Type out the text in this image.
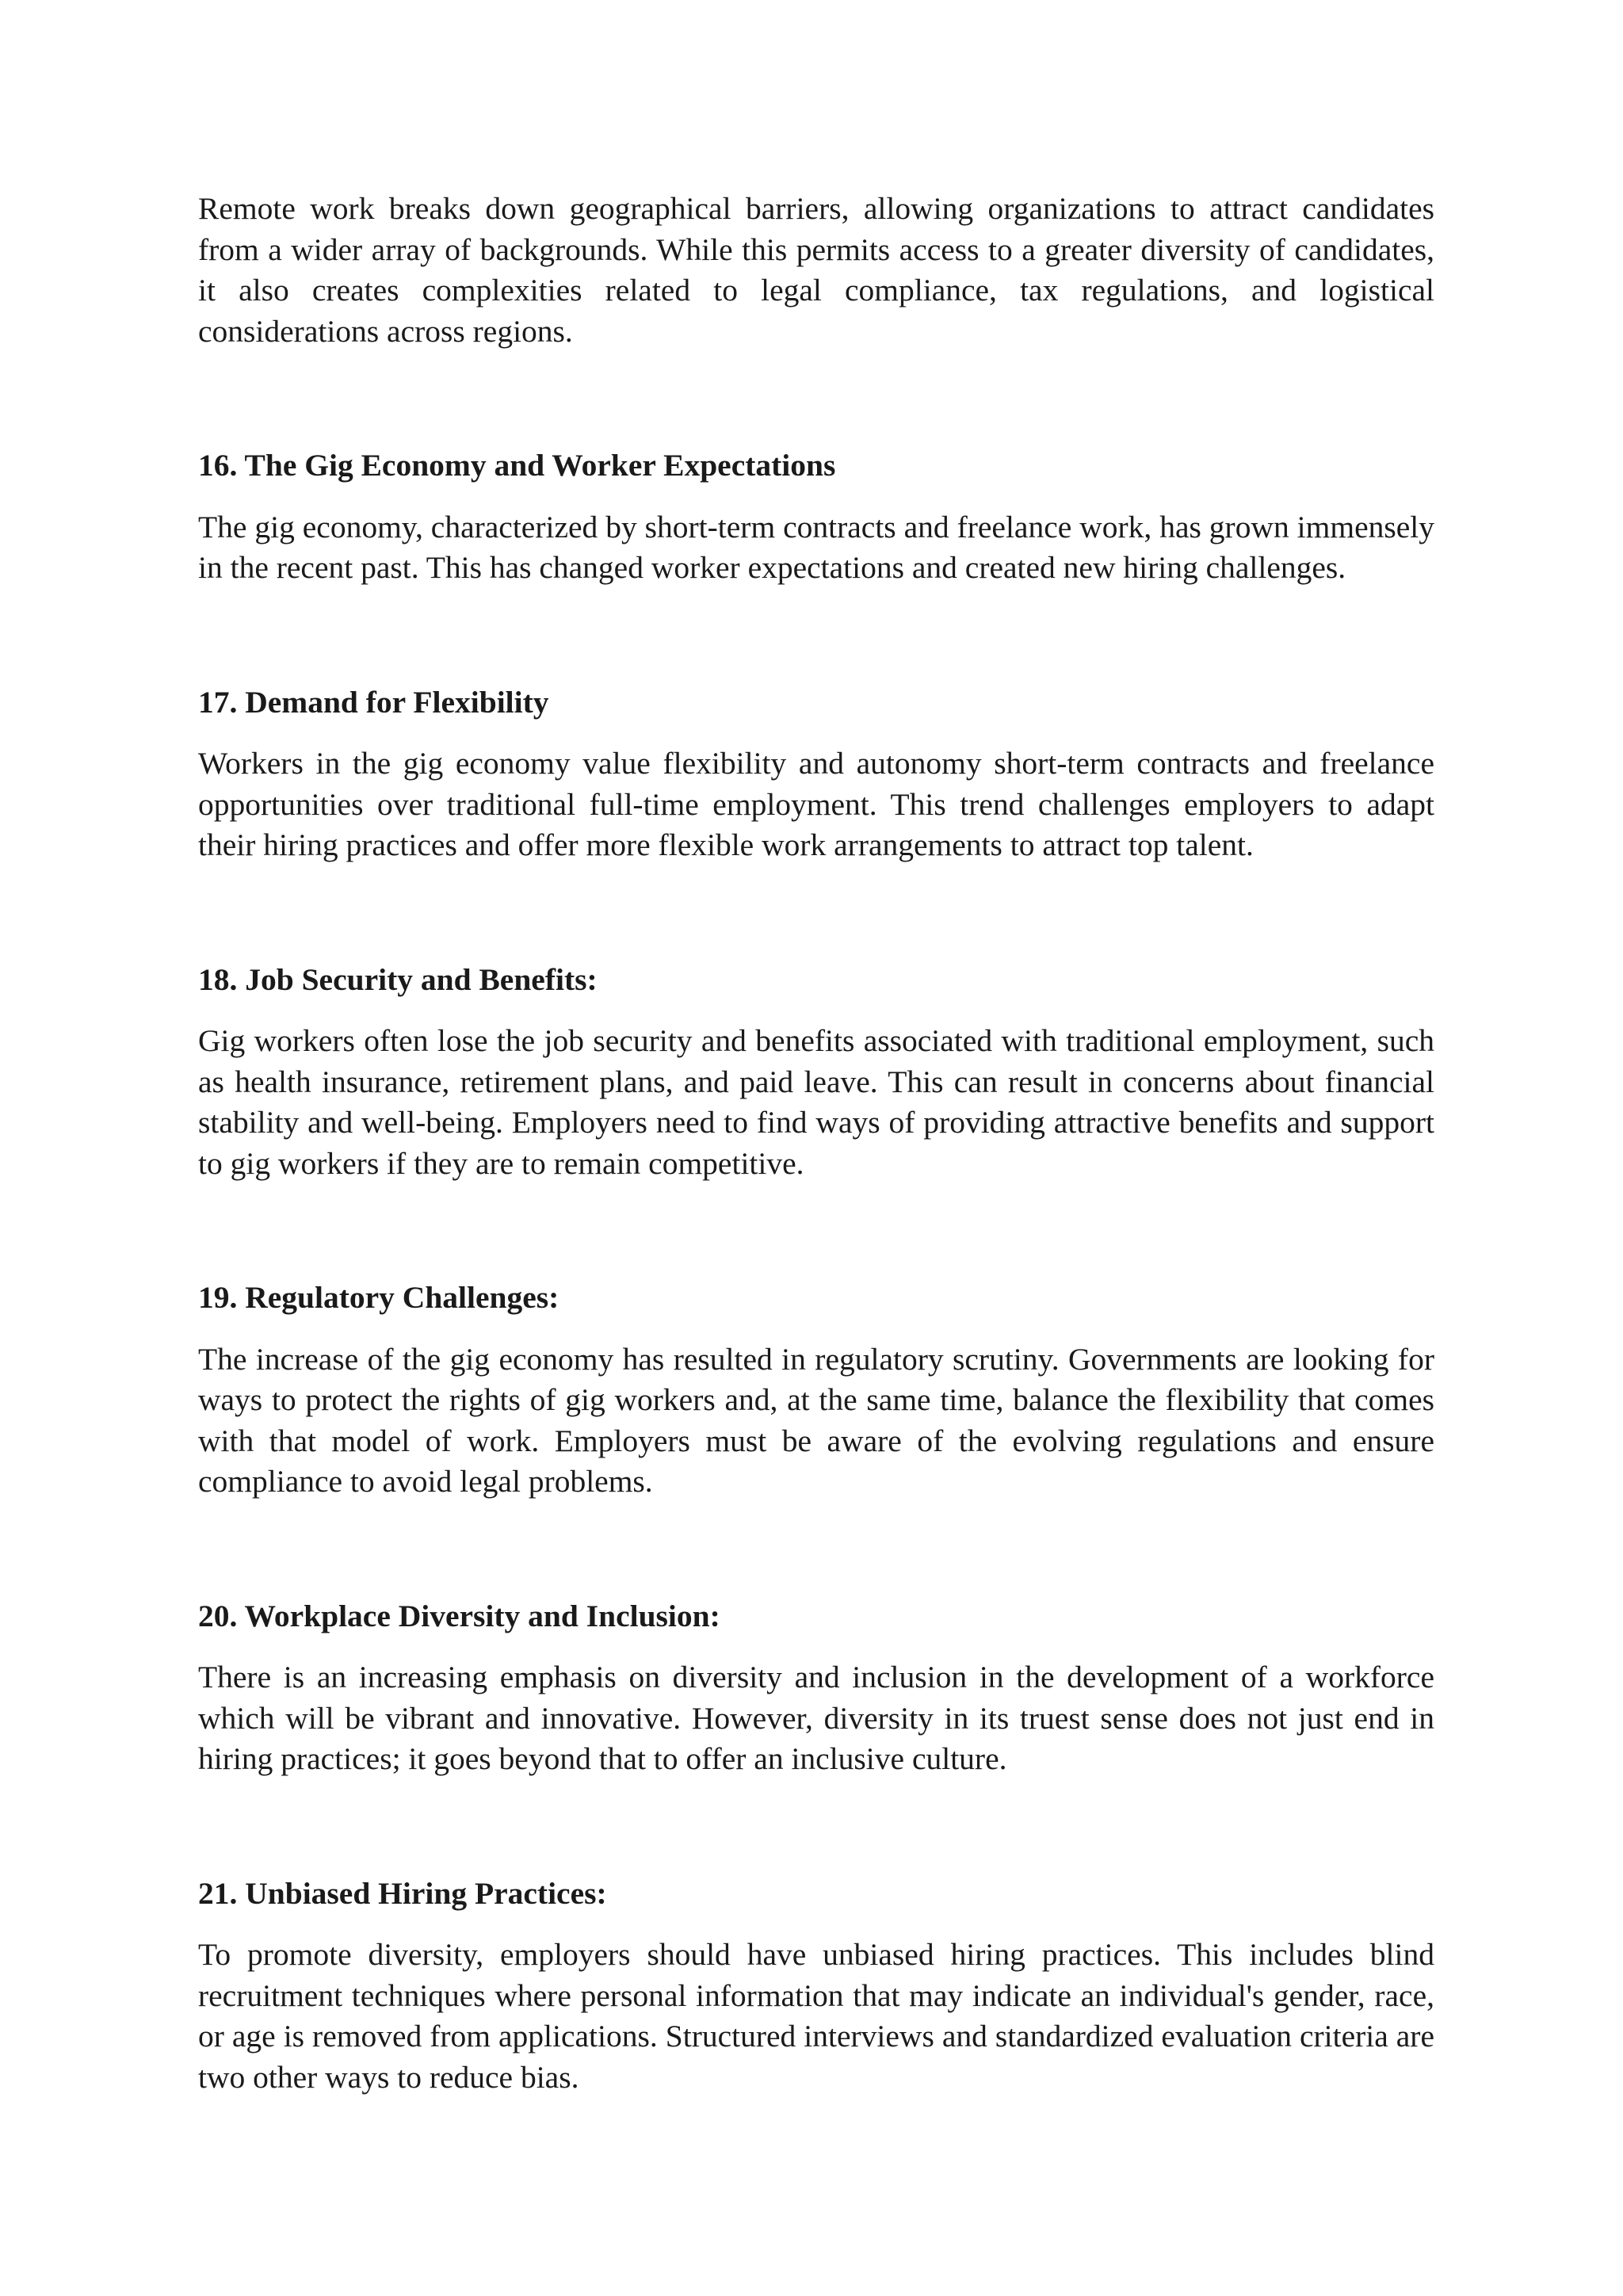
Remote work breaks down geographical barriers, allowing organizations to attract candidates from a wider array of backgrounds. While this permits access to a greater diversity of candidates, it also creates complexities related to legal compliance, tax regulations, and logistical considerations across regions.

16. The Gig Economy and Worker Expectations

The gig economy, characterized by short-term contracts and freelance work, has grown immensely in the recent past. This has changed worker expectations and created new hiring challenges.

17. Demand for Flexibility

Workers in the gig economy value flexibility and autonomy short-term contracts and freelance opportunities over traditional full-time employment. This trend challenges employers to adapt their hiring practices and offer more flexible work arrangements to attract top talent.

18. Job Security and Benefits:

Gig workers often lose the job security and benefits associated with traditional employment, such as health insurance, retirement plans, and paid leave. This can result in concerns about financial stability and well-being. Employers need to find ways of providing attractive benefits and support to gig workers if they are to remain competitive.

19. Regulatory Challenges:

The increase of the gig economy has resulted in regulatory scrutiny. Governments are looking for ways to protect the rights of gig workers and, at the same time, balance the flexibility that comes with that model of work. Employers must be aware of the evolving regulations and ensure compliance to avoid legal problems.

20. Workplace Diversity and Inclusion:

There is an increasing emphasis on diversity and inclusion in the development of a workforce which will be vibrant and innovative. However, diversity in its truest sense does not just end in hiring practices; it goes beyond that to offer an inclusive culture.

21. Unbiased Hiring Practices:

To promote diversity, employers should have unbiased hiring practices. This includes blind recruitment techniques where personal information that may indicate an individual's gender, race, or age is removed from applications. Structured interviews and standardized evaluation criteria are two other ways to reduce bias.
